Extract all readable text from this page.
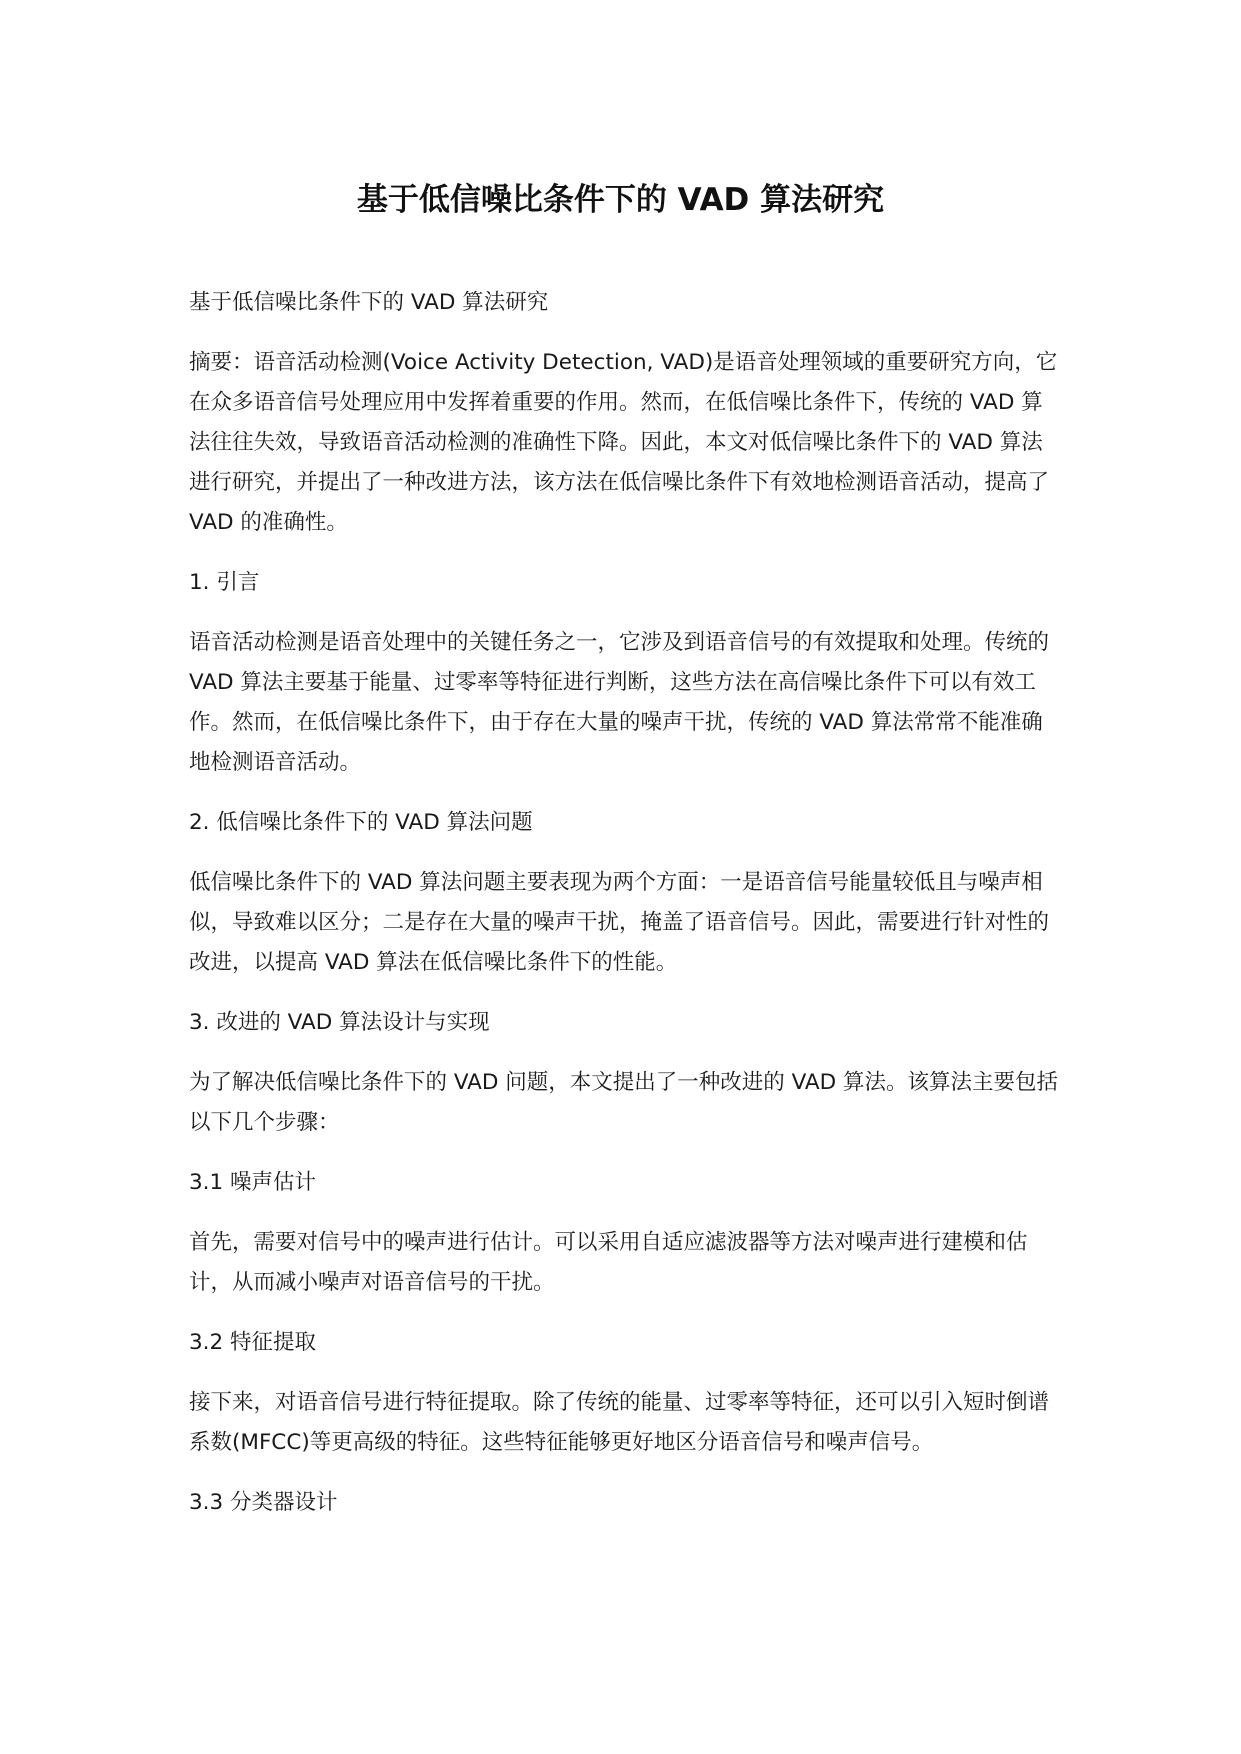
基于低信噪比条件下的 VAD 算法研究

基于低信噪比条件下的 VAD 算法研究

摘要：语音活动检测(Voice Activity Detection, VAD)是语音处理领域的重要研究方向，它在众多语音信号处理应用中发挥着重要的作用。然而，在低信噪比条件下，传统的 VAD 算法往往失效，导致语音活动检测的准确性下降。因此，本文对低信噪比条件下的 VAD 算法进行研究，并提出了一种改进方法，该方法在低信噪比条件下有效地检测语音活动，提高了 VAD 的准确性。

1. 引言

语音活动检测是语音处理中的关键任务之一，它涉及到语音信号的有效提取和处理。传统的 VAD 算法主要基于能量、过零率等特征进行判断，这些方法在高信噪比条件下可以有效工作。然而，在低信噪比条件下，由于存在大量的噪声干扰，传统的 VAD 算法常常不能准确地检测语音活动。

2. 低信噪比条件下的 VAD 算法问题

低信噪比条件下的 VAD 算法问题主要表现为两个方面：一是语音信号能量较低且与噪声相似，导致难以区分；二是存在大量的噪声干扰，掩盖了语音信号。因此，需要进行针对性的改进，以提高 VAD 算法在低信噪比条件下的性能。

3. 改进的 VAD 算法设计与实现

为了解决低信噪比条件下的 VAD 问题，本文提出了一种改进的 VAD 算法。该算法主要包括以下几个步骤：

3.1 噪声估计

首先，需要对信号中的噪声进行估计。可以采用自适应滤波器等方法对噪声进行建模和估计，从而减小噪声对语音信号的干扰。

3.2 特征提取

接下来，对语音信号进行特征提取。除了传统的能量、过零率等特征，还可以引入短时倒谱系数(MFCC)等更高级的特征。这些特征能够更好地区分语音信号和噪声信号。

3.3 分类器设计
